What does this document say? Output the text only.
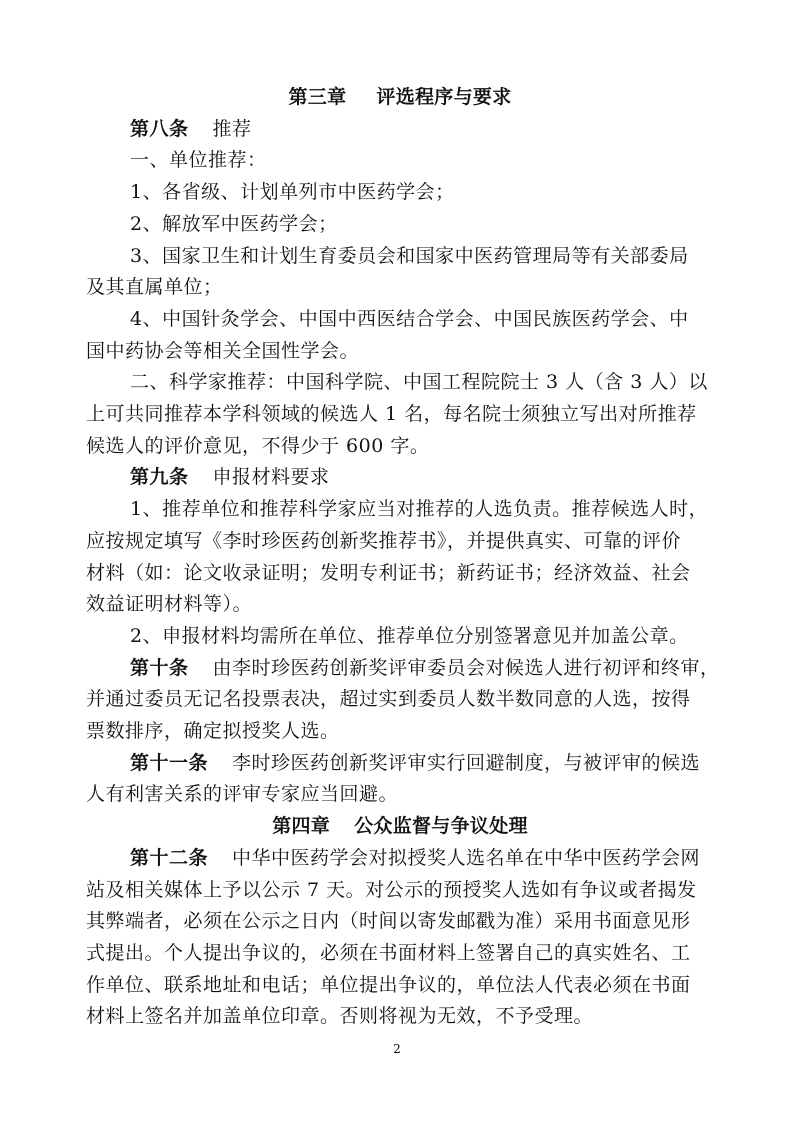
第三章 评选程序与要求
第八条 推荐
一、单位推荐：
1、各省级、计划单列市中医药学会；
2、解放军中医药学会；
3、国家卫生和计划生育委员会和国家中医药管理局等有关部委局
及其直属单位；
4、中国针灸学会、中国中西医结合学会、中国民族医药学会、中
国中药协会等相关全国性学会。
二、科学家推荐：中国科学院、中国工程院院士 3 人（含 3 人）以
上可共同推荐本学科领域的候选人 1 名，每名院士须独立写出对所推荐
候选人的评价意见，不得少于 600 字。
第九条 申报材料要求
1、推荐单位和推荐科学家应当对推荐的人选负责。推荐候选人时，
应按规定填写《李时珍医药创新奖推荐书》，并提供真实、可靠的评价
材料（如：论文收录证明；发明专利证书；新药证书；经济效益、社会
效益证明材料等）。
2、申报材料均需所在单位、推荐单位分别签署意见并加盖公章。
第十条 由李时珍医药创新奖评审委员会对候选人进行初评和终审，
并通过委员无记名投票表决，超过实到委员人数半数同意的人选，按得
票数排序，确定拟授奖人选。
第十一条 李时珍医药创新奖评审实行回避制度，与被评审的候选
人有利害关系的评审专家应当回避。
第四章 公众监督与争议处理
第十二条 中华中医药学会对拟授奖人选名单在中华中医药学会网
站及相关媒体上予以公示 7 天。对公示的预授奖人选如有争议或者揭发
其弊端者，必须在公示之日内（时间以寄发邮戳为准）采用书面意见形
式提出。个人提出争议的，必须在书面材料上签署自己的真实姓名、工
作单位、联系地址和电话；单位提出争议的，单位法人代表必须在书面
材料上签名并加盖单位印章。否则将视为无效，不予受理。
2
